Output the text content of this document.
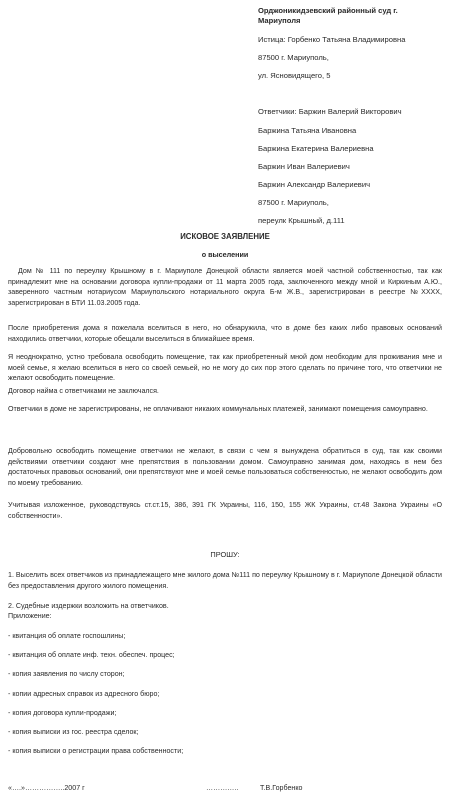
Орджоникидзевский районный суд г.
Мариуполя
Истица: Горбенко Татьяна Владимировна
87500 г. Мариуполь,
ул. Ясновидящего, 5
Ответчики: Баржин Валерий Викторович
Баржина Татьяна Ивановна
Баржина Екатерина Валериевна
Баржин Иван Валериевич
Баржин Александр Валериевич
87500 г. Мариуполь,
переулк Крышный, д.111
ИСКОВОЕ ЗАЯВЛЕНИЕ
о выселении
Дом № 111 по переулку Крышному в г. Мариуполе Донецкой области является моей частной собственностью, так как принадлежит мне на основании договора купли-продажи от 11 марта 2005 года, заключенного между мной и Киркиным А.Ю., заверенного частным нотариусом Мариупольского нотариального округа Б-м Ж.В., зарегистрирован в реестре №XXXX, зарегистрирован в БТИ 11.03.2005 года.
После приобретения дома я пожелала вселиться в него, но обнаружила, что в доме без каких либо правовых оснований находились ответчики, которые обещали выселиться в ближайшее время.
Я неоднократно, устно требовала освободить помещение, так как приобретенный мной дом необходим для проживания мне и моей семье, я желаю вселиться в него со своей семьей, но не могу до сих пор этого сделать по причине того, что ответчики не желают освободить помещение.
Договор найма с ответчиками не заключался.
Ответчики в доме не зарегистрированы, не оплачивают никаких коммунальных платежей, занимают помещения самоуправно.
Добровольно освободить помещение ответчики не желают, в связи с чем я вынуждена обратиться в суд, так как своими действиями ответчики создают мне препятствия в пользовании домом. Самоуправно занимая дом, находясь в нем без достаточных правовых оснований, они препятствуют мне и моей семье пользоваться собственностью, не желают освободить дом по моему требованию.
Учитывая изложенное, руководствуясь ст.ст.15, 386, 391 ГК Украины, 116, 150, 155 ЖК Украины, ст.48 Закона Украины «О собственности».
ПРОШУ:
1. Выселить всех ответчиков из принадлежащего мне жилого дома №111 по переулку Крышному в г. Мариуполе Донецкой области без предоставления другого жилого помещения.
2. Судебные издержки возложить на ответчиков.
Приложение:
- квитанция об оплате госпошлины;
- квитанция об оплате инф. техн. обеспеч. процес;
- копия заявления по числу сторон;
- копии адресных справок из адресного бюро;
- копия договора купли-продажи;
- копия выписки из гос. реестра сделок;
- копия выписки о регистрации права собственности;
«….»……………..2007 г	…………..	Т.В.Горбенко
